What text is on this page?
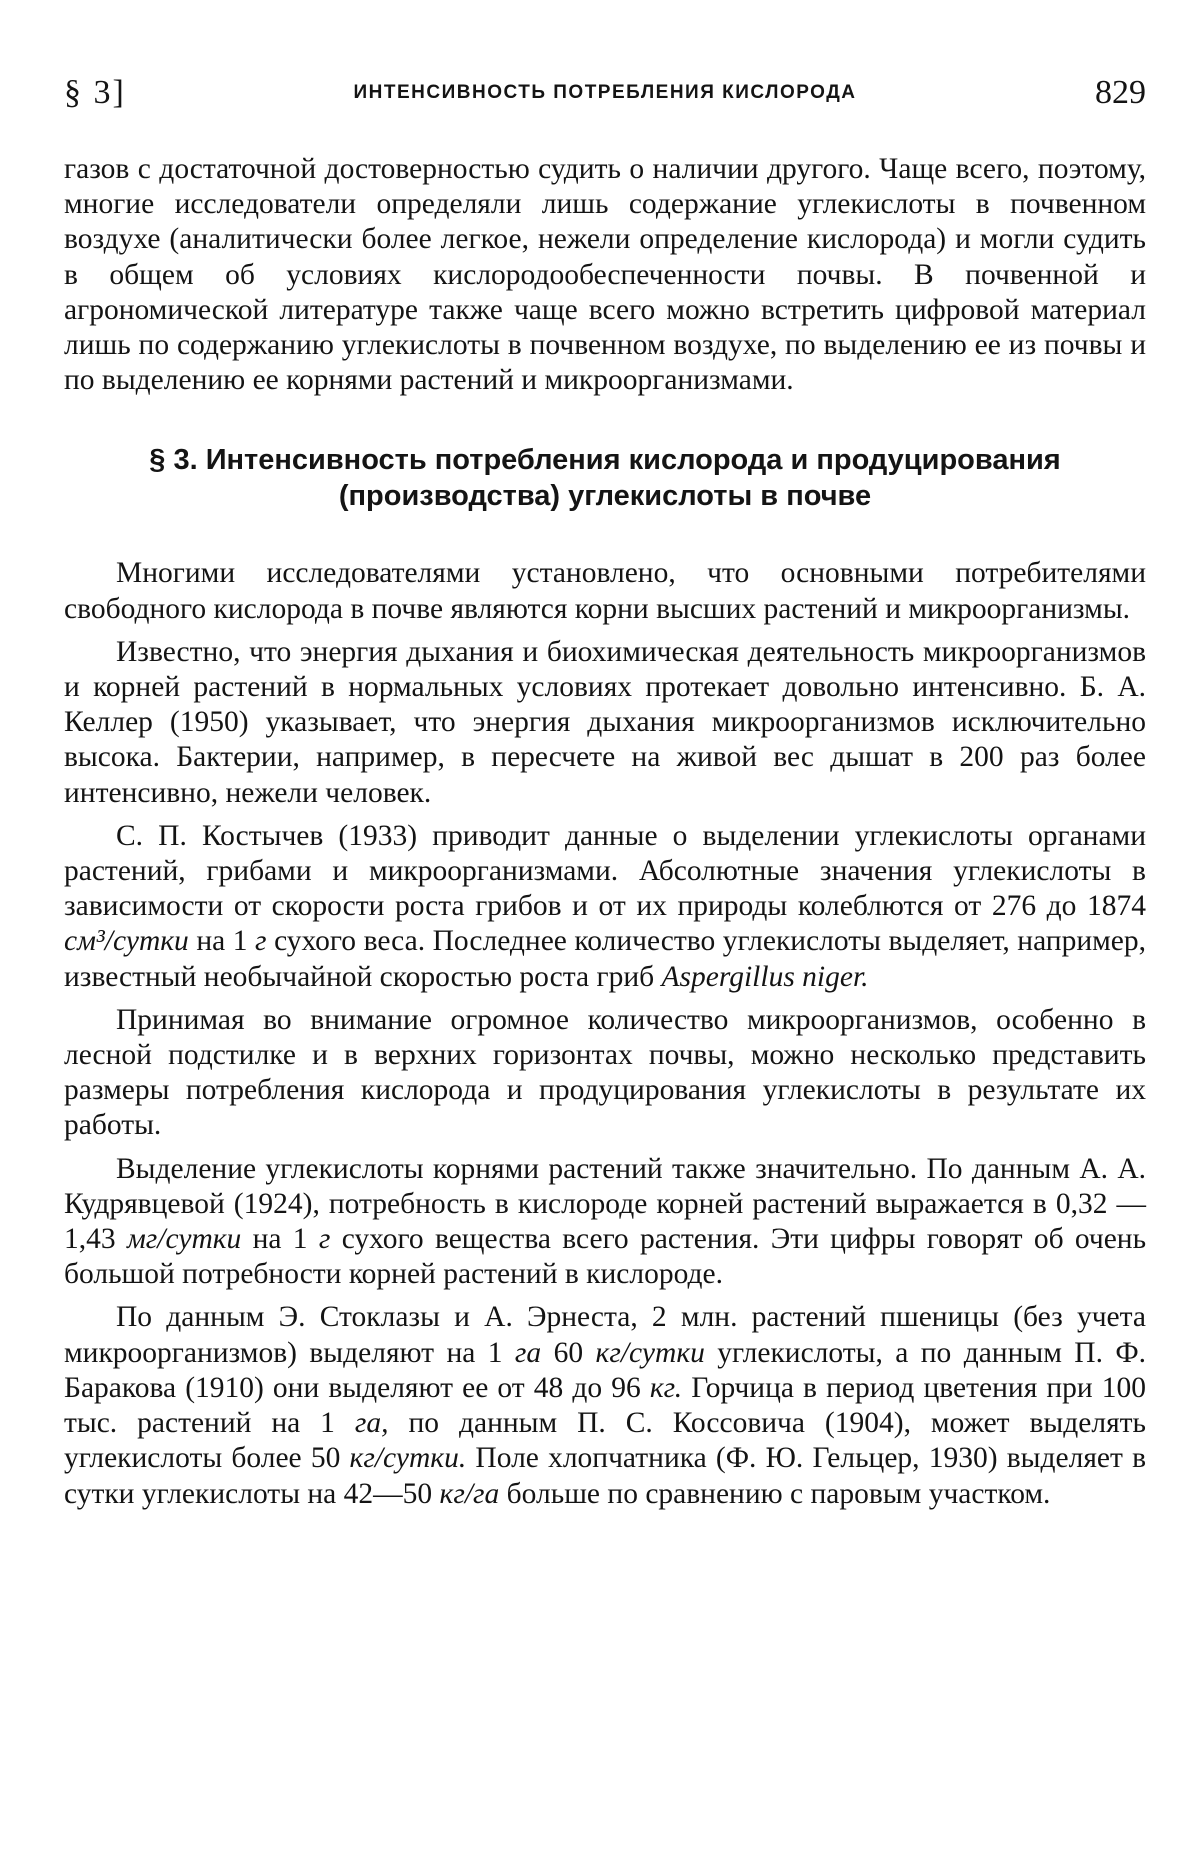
§ 3]	ИНТЕНСИВНОСТЬ ПОТРЕБЛЕНИЯ КИСЛОРОДА	829

газов с достаточной достоверностью судить о наличии другого. Чаще всего, поэтому, многие исследователи определяли лишь содержание углекислоты в почвенном воздухе (аналитически более легкое, нежели определение кислорода) и могли судить в общем об условиях кислородообеспеченности почвы. В почвенной и агрономической литературе также чаще всего можно встретить цифровой материал лишь по содержанию углекислоты в почвенном воздухе, по выделению ее из почвы и по выделению ее корнями растений и микроорганизмами.

§ 3. Интенсивность потребления кислорода и продуцирования
(производства) углекислоты в почве

Многими исследователями установлено, что основными потребителями свободного кислорода в почве являются корни высших растений и микроорганизмы.

Известно, что энергия дыхания и биохимическая деятельность микроорганизмов и корней растений в нормальных условиях протекает довольно интенсивно. Б. А. Келлер (1950) указывает, что энергия дыхания микроорганизмов исключительно высока. Бактерии, например, в пересчете на живой вес дышат в 200 раз более интенсивно, нежели человек.

С. П. Костычев (1933) приводит данные о выделении углекислоты органами растений, грибами и микроорганизмами. Абсолютные значения углекислоты в зависимости от скорости роста грибов и от их природы колеблются от 276 до 1874 см³/сутки на 1 г сухого веса. Последнее количество углекислоты выделяет, например, известный необычайной скоростью роста гриб Aspergillus niger.

Принимая во внимание огромное количество микроорганизмов, особенно в лесной подстилке и в верхних горизонтах почвы, можно несколько представить размеры потребления кислорода и продуцирования углекислоты в результате их работы.

Выделение углекислоты корнями растений также значительно. По данным А. А. Кудрявцевой (1924), потребность в кислороде корней растений выражается в 0,32 — 1,43 мг/сутки на 1 г сухого вещества всего растения. Эти цифры говорят об очень большой потребности корней растений в кислороде.

По данным Э. Стоклазы и А. Эрнеста, 2 млн. растений пшеницы (без учета микроорганизмов) выделяют на 1 га 60 кг/сутки углекислоты, а по данным П. Ф. Баракова (1910) они выделяют ее от 48 до 96 кг. Горчица в период цветения при 100 тыс. растений на 1 га, по данным П. С. Коссовича (1904), может выделять углекислоты более 50 кг/сутки. Поле хлопчатника (Ф. Ю. Гельцер, 1930) выделяет в сутки углекислоты на 42—50 кг/га больше по сравнению с паровым участком.
